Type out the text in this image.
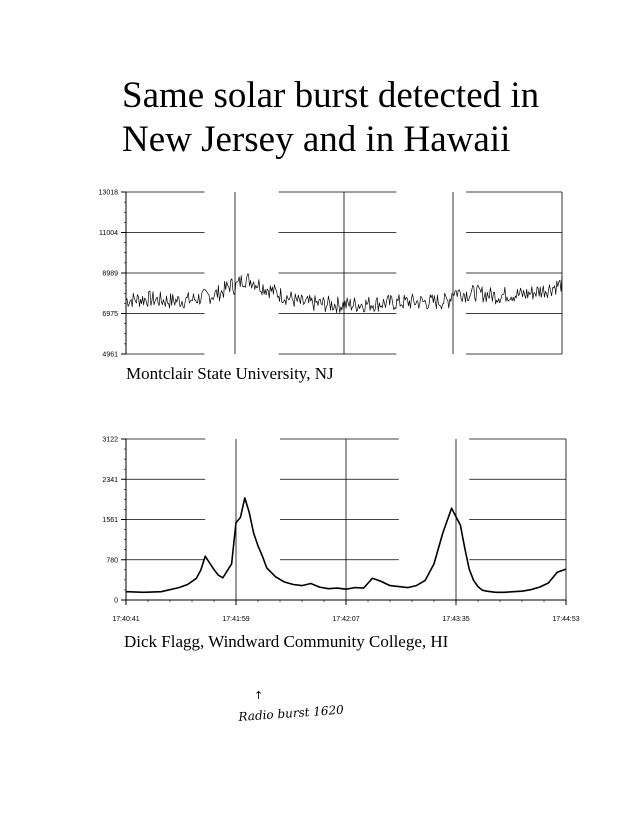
Same solar burst detected in
New Jersey and in Hawaii
4961
6975
8989
11004
13018
0
780
1561
2341
3122
17:40:41	17:41:59	17:42:07	17:43:35	17:44:53
Montclair State University, NJ
Dick Flagg, Windward Community College, HI
↑
Radio burst 1620
